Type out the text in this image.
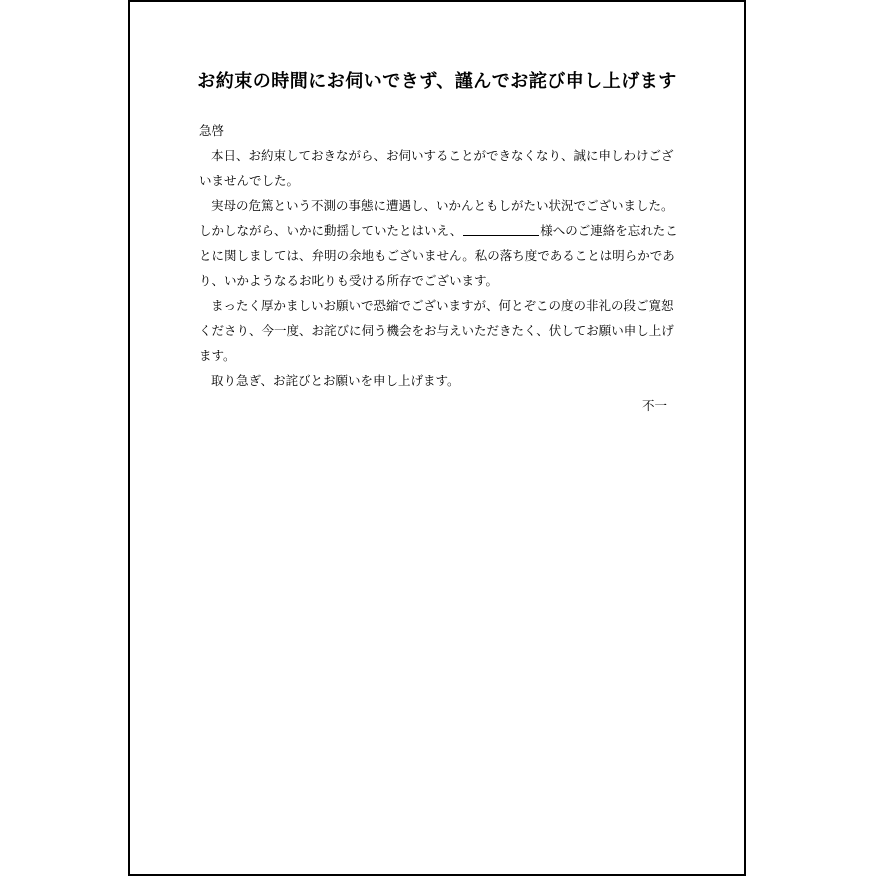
お約束の時間にお伺いできず、謹んでお詫び申し上げます
急啓
本日、お約束しておきながら、お伺いすることができなくなり、誠に申しわけござ
いませんでした。
実母の危篤という不測の事態に遭遇し、いかんともしがたい状況でございました。
しかしながら、いかに動揺していたとはいえ、	様へのご連絡を忘れたこ
とに関しましては、弁明の余地もございません。私の落ち度であることは明らかであ
り、いかようなるお叱りも受ける所存でございます。
まったく厚かましいお願いで恐縮でございますが、何とぞこの度の非礼の段ご寛恕
くださり、今一度、お詫びに伺う機会をお与えいただきたく、伏してお願い申し上げ
ます。
取り急ぎ、お詫びとお願いを申し上げます。
不一
